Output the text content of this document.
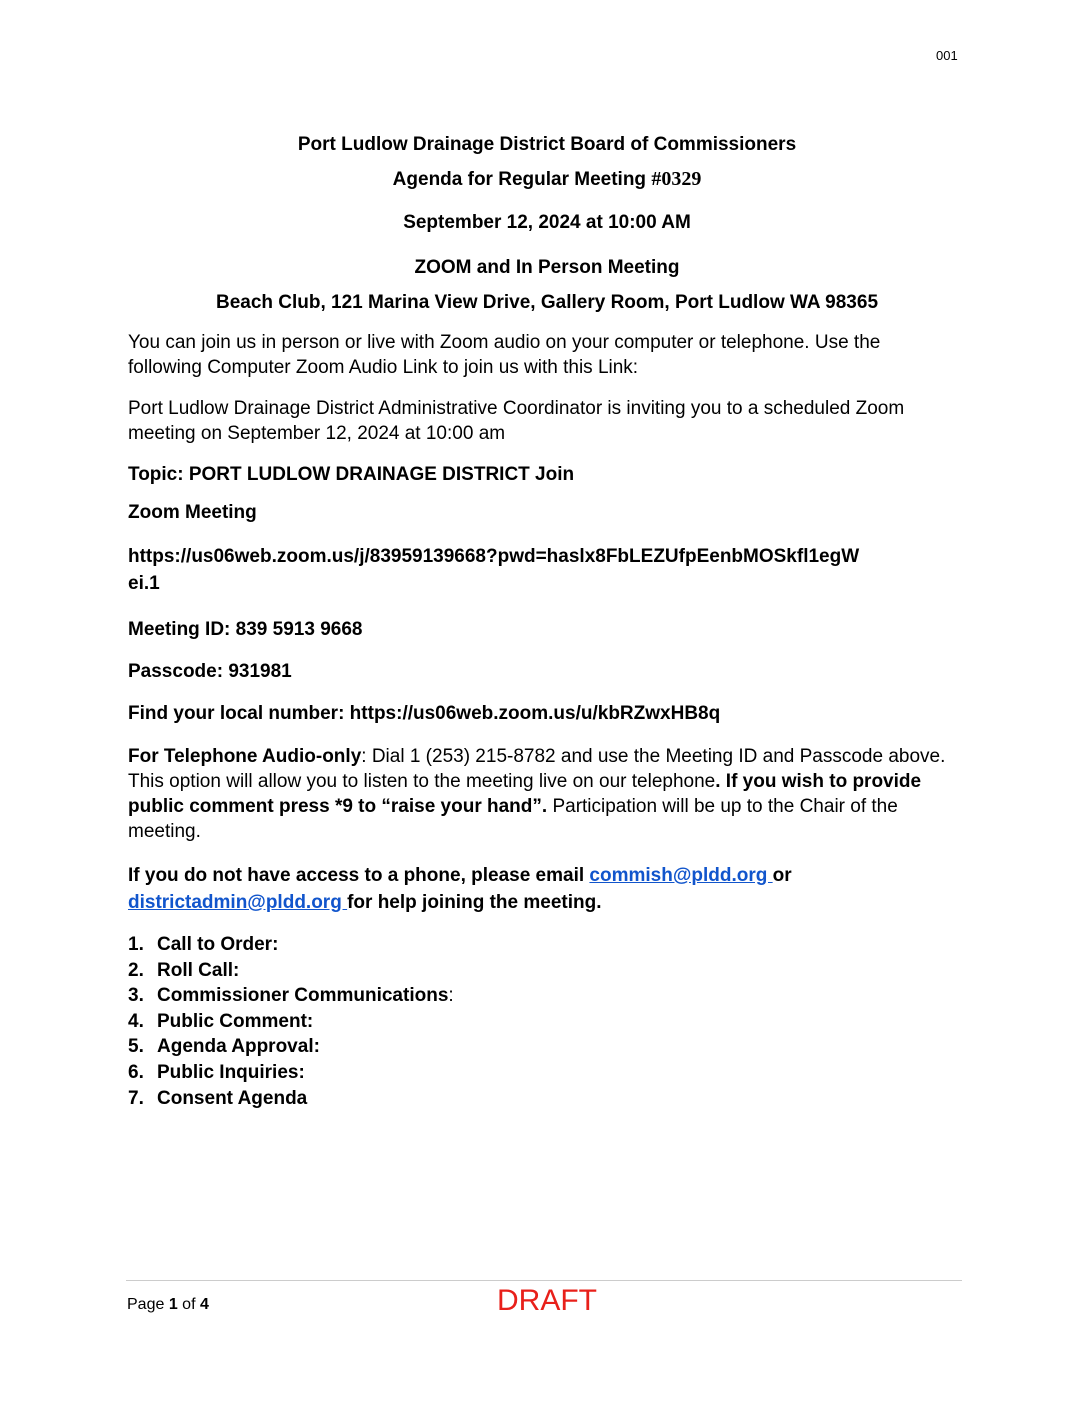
001
Port Ludlow Drainage District Board of Commissioners
Agenda for Regular Meeting #0329
September 12, 2024 at 10:00 AM
ZOOM and In Person Meeting
Beach Club, 121 Marina View Drive, Gallery Room, Port Ludlow WA 98365
You can join us in person or live with Zoom audio on your computer or telephone. Use the following Computer Zoom Audio Link to join us with this Link:
Port Ludlow Drainage District Administrative Coordinator is inviting you to a scheduled Zoom meeting on September 12, 2024 at 10:00 am
Topic: PORT LUDLOW DRAINAGE DISTRICT Join
Zoom Meeting
https://us06web.zoom.us/j/83959139668?pwd=haslx8FbLEZUfpEenbMOSkfl1egW
ei.1
Meeting ID: 839 5913 9668
Passcode: 931981
Find your local number: https://us06web.zoom.us/u/kbRZwxHB8q
For Telephone Audio-only: Dial 1 (253) 215-8782 and use the Meeting ID and Passcode above. This option will allow you to listen to the meeting live on our telephone. If you wish to provide public comment press *9 to “raise your hand”. Participation will be up to the Chair of the meeting.
If you do not have access to a phone, please email commish@pldd.org or
districtadmin@pldd.org for help joining the meeting.
1. Call to Order:
2. Roll Call:
3. Commissioner Communications:
4. Public Comment:
5. Agenda Approval:
6. Public Inquiries:
7. Consent Agenda
Page 1 of 4	DRAFT
